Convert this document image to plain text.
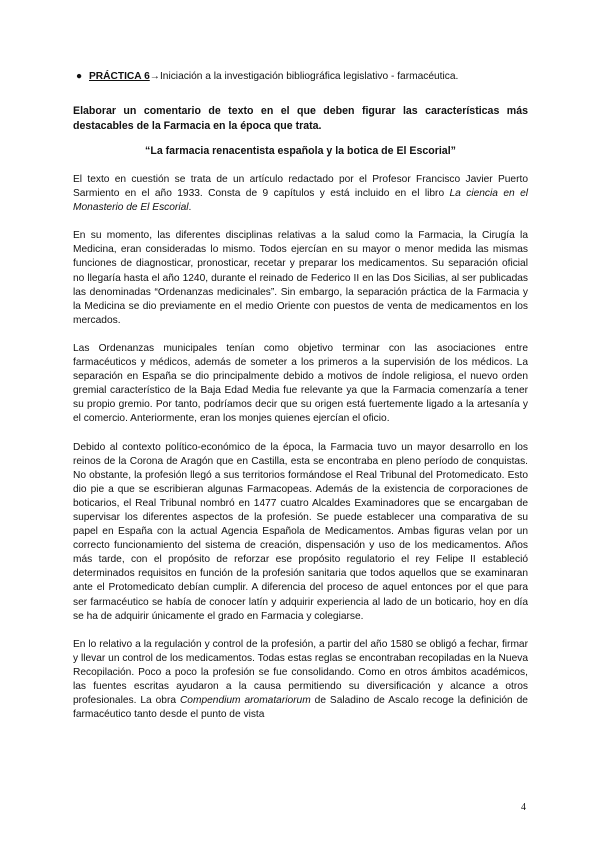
● PRÁCTICA 6→Iniciación a la investigación bibliográfica legislativo - farmacéutica.
Elaborar un comentario de texto en el que deben figurar las características más destacables de la Farmacia en la época que trata.
“La farmacia renacentista española y la botica de El Escorial”

El texto en cuestión se trata de un artículo redactado por el Profesor Francisco Javier Puerto Sarmiento en el año 1933. Consta de 9 capítulos y está incluido en el libro La ciencia en el Monasterio de El Escorial.

En su momento, las diferentes disciplinas relativas a la salud como la Farmacia, la Cirugía la Medicina, eran consideradas lo mismo. Todos ejercían en su mayor o menor medida las mismas funciones de diagnosticar, pronosticar, recetar y preparar los medicamentos. Su separación oficial no llegaría hasta el año 1240, durante el reinado de Federico II en las Dos Sicilias, al ser publicadas las denominadas “Ordenanzas medicinales”. Sin embargo, la separación práctica de la Farmacia y la Medicina se dio previamente en el medio Oriente con puestos de venta de medicamentos en los mercados.

Las Ordenanzas municipales tenían como objetivo terminar con las asociaciones entre farmacéuticos y médicos, además de someter a los primeros a la supervisión de los médicos. La separación en España se dio principalmente debido a motivos de índole religiosa, el nuevo orden gremial característico de la Baja Edad Media fue relevante ya que la Farmacia comenzaría a tener su propio gremio. Por tanto, podríamos decir que su origen está fuertemente ligado a la artesanía y el comercio. Anteriormente, eran los monjes quienes ejercían el oficio.

Debido al contexto político-económico de la época, la Farmacia tuvo un mayor desarrollo en los reinos de la Corona de Aragón que en Castilla, esta se encontraba en pleno período de conquistas. No obstante, la profesión llegó a sus territorios formándose el Real Tribunal del Protomedicato. Esto dio pie a que se escribieran algunas Farmacopeas. Además de la existencia de corporaciones de boticarios, el Real Tribunal nombró en 1477 cuatro Alcaldes Examinadores que se encargaban de supervisar los diferentes aspectos de la profesión. Se puede establecer una comparativa de su papel en España con la actual Agencia Española de Medicamentos. Ambas figuras velan por un correcto funcionamiento del sistema de creación, dispensación y uso de los medicamentos. Años más tarde, con el propósito de reforzar ese propósito regulatorio el rey Felipe II estableció determinados requisitos en función de la profesión sanitaria que todos aquellos que se examinaran ante el Protomedicato debían cumplir. A diferencia del proceso de aquel entonces por el que para ser farmacéutico se había de conocer latín y adquirir experiencia al lado de un boticario, hoy en día se ha de adquirir únicamente el grado en Farmacia y colegiarse.

En lo relativo a la regulación y control de la profesión, a partir del año 1580 se obligó a fechar, firmar y llevar un control de los medicamentos. Todas estas reglas se encontraban recopiladas en la Nueva Recopilación. Poco a poco la profesión se fue consolidando. Como en otros ámbitos académicos, las fuentes escritas ayudaron a la causa permitiendo su diversificación y alcance a otros profesionales. La obra Compendium aromatariorum de Saladino de Ascalo recoge la definición de farmacéutico tanto desde el punto de vista

4
